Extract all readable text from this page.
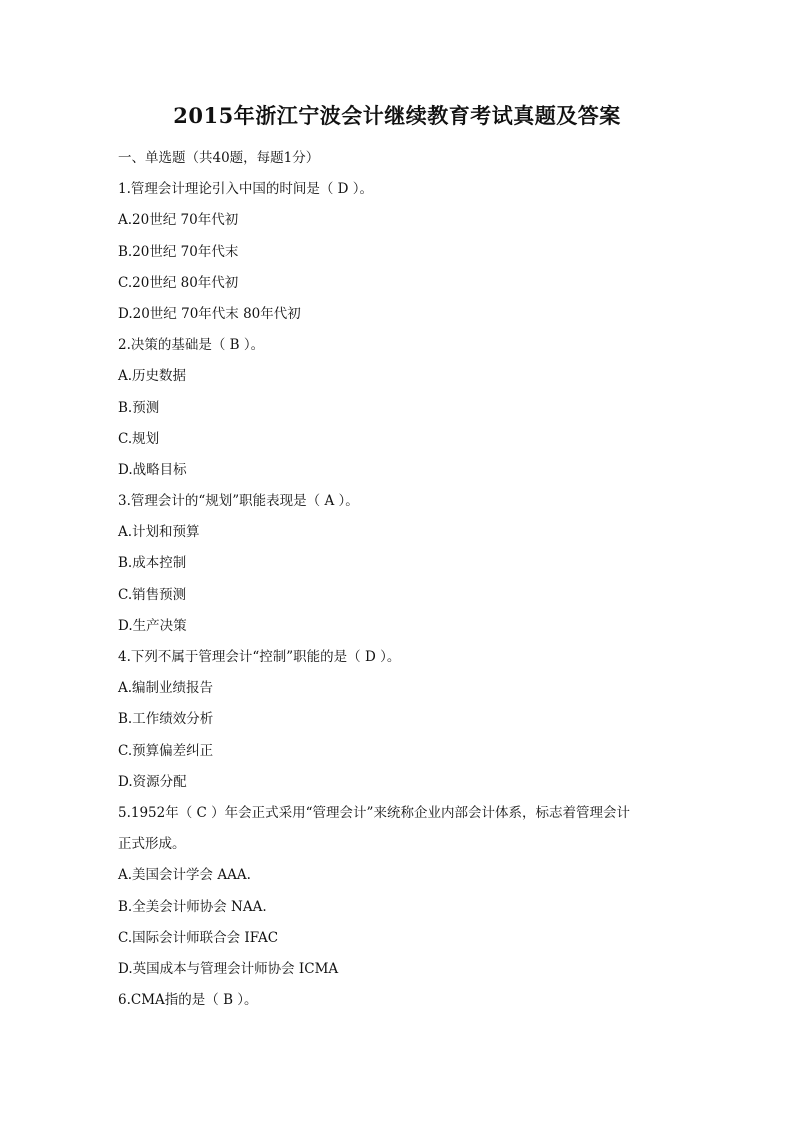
2015年浙江宁波会计继续教育考试真题及答案
一、单选题（共40题，每题1分）
1.管理会计理论引入中国的时间是（ D ）。
A.20世纪 70年代初
B.20世纪 70年代末
C.20世纪 80年代初
D.20世纪 70年代末 80年代初
2.决策的基础是（ B ）。
A.历史数据
B.预测
C.规划
D.战略目标
3.管理会计的“规划”职能表现是（ A ）。
A.计划和预算
B.成本控制
C.销售预测
D.生产决策
4.下列不属于管理会计“控制”职能的是（ D ）。
A.编制业绩报告
B.工作绩效分析
C.预算偏差纠正
D.资源分配
5.1952年（ C ）年会正式采用“管理会计”来统称企业内部会计体系，标志着管理会计
正式形成。
A.美国会计学会 AAA.
B.全美会计师协会 NAA.
C.国际会计师联合会 IFAC
D.英国成本与管理会计师协会 ICMA
6.CMA指的是（ B ）。
